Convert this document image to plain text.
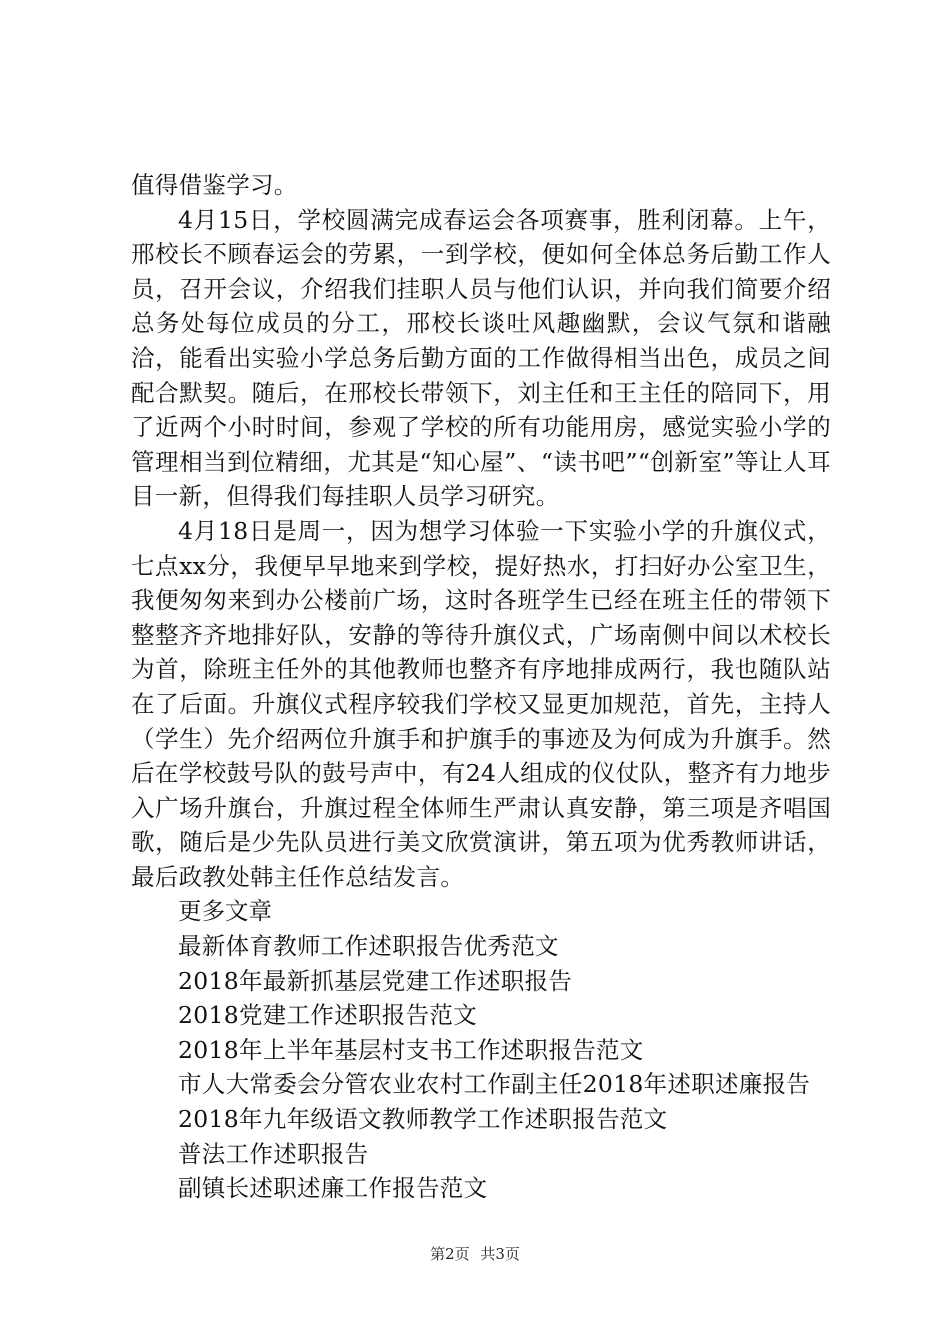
值得借鉴学习。

4月15日，学校圆满完成春运会各项赛事，胜利闭幕。上午，邢校长不顾春运会的劳累，一到学校，便如何全体总务后勤工作人员，召开会议，介绍我们挂职人员与他们认识，并向我们简要介绍总务处每位成员的分工，邢校长谈吐风趣幽默，会议气氛和谐融洽，能看出实验小学总务后勤方面的工作做得相当出色，成员之间配合默契。随后，在邢校长带领下，刘主任和王主任的陪同下，用了近两个小时时间，参观了学校的所有功能用房，感觉实验小学的管理相当到位精细，尤其是“知心屋”、“读书吧”“创新室”等让人耳目一新，但得我们每挂职人员学习研究。

4月18日是周一，因为想学习体验一下实验小学的升旗仪式，七点xx分，我便早早地来到学校，提好热水，打扫好办公室卫生，我便匆匆来到办公楼前广场，这时各班学生已经在班主任的带领下整整齐齐地排好队，安静的等待升旗仪式，广场南侧中间以术校长为首，除班主任外的其他教师也整齐有序地排成两行，我也随队站在了后面。升旗仪式程序较我们学校又显更加规范，首先，主持人（学生）先介绍两位升旗手和护旗手的事迹及为何成为升旗手。然后在学校鼓号队的鼓号声中，有24人组成的仪仗队，整齐有力地步入广场升旗台，升旗过程全体师生严肃认真安静，第三项是齐唱国歌，随后是少先队员进行美文欣赏演讲，第五项为优秀教师讲话，最后政教处韩主任作总结发言。

更多文章

最新体育教师工作述职报告优秀范文
2018年最新抓基层党建工作述职报告
2018党建工作述职报告范文
2018年上半年基层村支书工作述职报告范文
市人大常委会分管农业农村工作副主任2018年述职述廉报告
2018年九年级语文教师教学工作述职报告范文
普法工作述职报告
副镇长述职述廉工作报告范文
第2页 共3页
